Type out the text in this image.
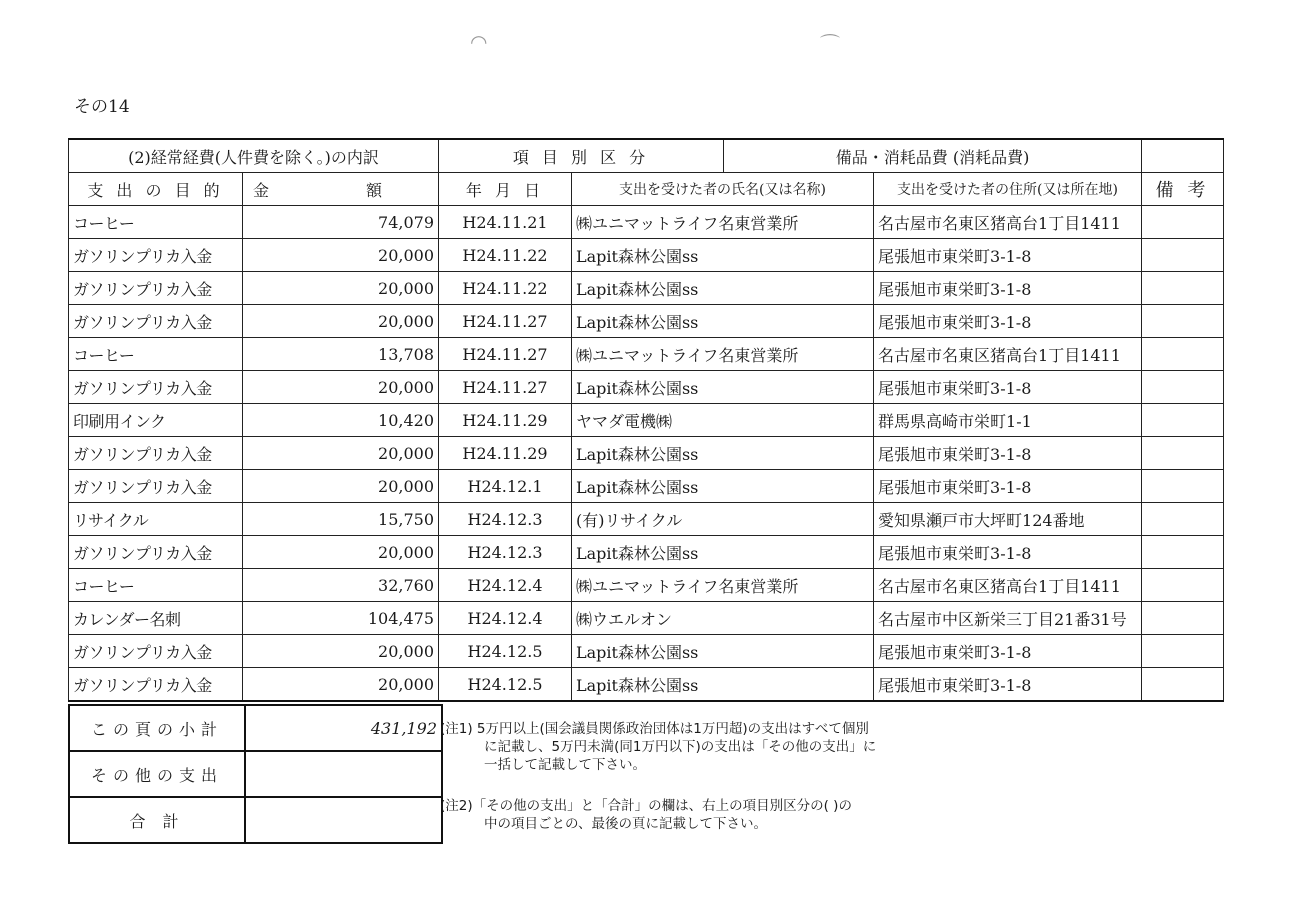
◠	⌒
その14
(2)経常経費(人件費を除く。)の内訳		項 目 別 区 分		備品・消耗品費 (消耗品費)		
支 出 の 目 的	金 額	年 月 日	支出を受けた者の氏名(又は名称)		支出を受けた者の住所(又は所在地)	備 考
コーヒー	74,079	H24.11.21	㈱ユニマットライフ名東営業所		名古屋市名東区猪高台1丁目1411	
ガソリンプリカ入金	20,000	H24.11.22	Lapit森林公園ss		尾張旭市東栄町3-1-8	
ガソリンプリカ入金	20,000	H24.11.22	Lapit森林公園ss		尾張旭市東栄町3-1-8	
ガソリンプリカ入金	20,000	H24.11.27	Lapit森林公園ss		尾張旭市東栄町3-1-8	
コーヒー	13,708	H24.11.27	㈱ユニマットライフ名東営業所		名古屋市名東区猪高台1丁目1411	
ガソリンプリカ入金	20,000	H24.11.27	Lapit森林公園ss		尾張旭市東栄町3-1-8	
印刷用インク	10,420	H24.11.29	ヤマダ電機㈱		群馬県高崎市栄町1-1	
ガソリンプリカ入金	20,000	H24.11.29	Lapit森林公園ss		尾張旭市東栄町3-1-8	
ガソリンプリカ入金	20,000	H24.12.1	Lapit森林公園ss		尾張旭市東栄町3-1-8	
リサイクル	15,750	H24.12.3	(有)リサイクル		愛知県瀬戸市大坪町124番地	
ガソリンプリカ入金	20,000	H24.12.3	Lapit森林公園ss		尾張旭市東栄町3-1-8	
コーヒー	32,760	H24.12.4	㈱ユニマットライフ名東営業所		名古屋市名東区猪高台1丁目1411	
カレンダー名刺	104,475	H24.12.4	㈱ウエルオン		名古屋市中区新栄三丁目21番31号	
ガソリンプリカ入金	20,000	H24.12.5	Lapit森林公園ss		尾張旭市東栄町3-1-8	
ガソリンプリカ入金	20,000	H24.12.5	Lapit森林公園ss		尾張旭市東栄町3-1-8	
この頁の小計	431,192
その他の支出	
合 計	
(注1) 5万円以上(国会議員関係政治団体は1万円超)の支出はすべて個別
に記載し、5万円未満(同1万円以下)の支出は「その他の支出」に
一括して記載して下さい。
(注2)「その他の支出」と「合計」の欄は、右上の項目別区分の( )の
中の項目ごとの、最後の頁に記載して下さい。
